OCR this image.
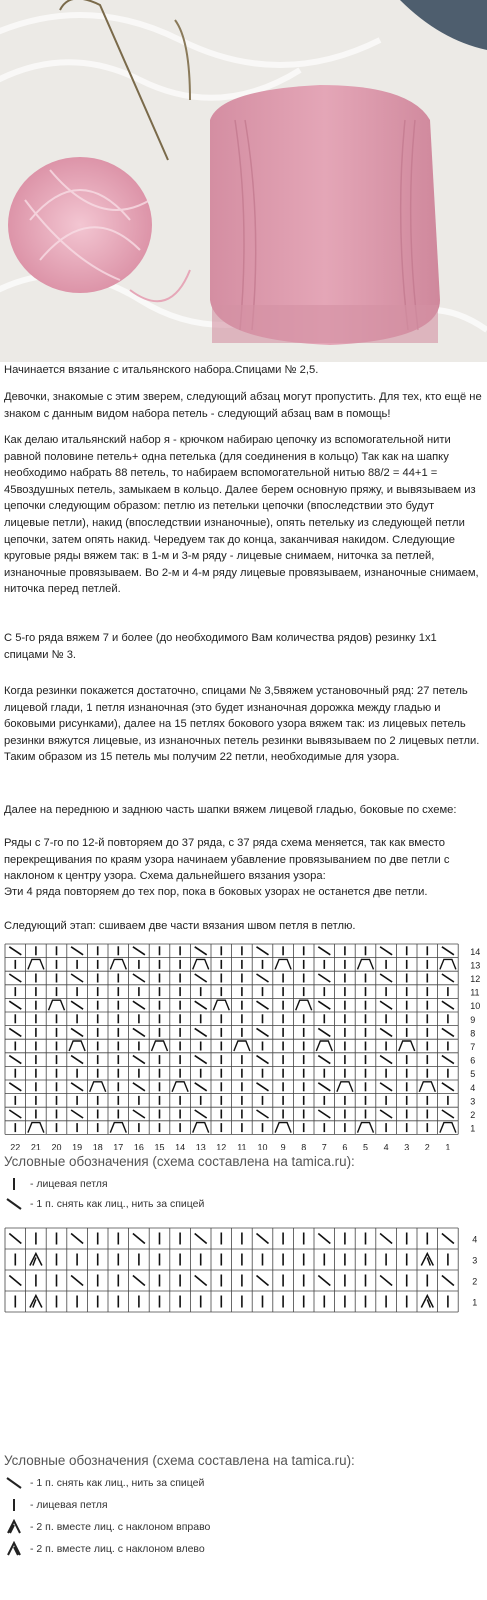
Начинается вязание с итальянского набора.Спицами № 2,5.

Девочки, знакомые с этим зверем, следующий абзац могут пропустить. Для тех, кто ещё не знаком с данным видом набора петель - следующий абзац вам в помощь!

Как делаю итальянский набор я - крючком набираю цепочку из вспомогательной нити равной половине петель+ одна петелька (для соединения в кольцо) Так как на шапку необходимо набрать 88 петель, то набираем вспомогательной нитью 88/2 = 44+1 = 45воздушных петель, замыкаем в кольцо. Далее берем основную пряжу, и вывязываем из цепочки следующим образом: петлю из петельки цепочки (впоследствии это будут лицевые петли), накид (впоследствии изнаночные), опять петельку из следующей петли цепочки, затем опять накид. Чередуем так до конца, заканчивая накидом. Следующие круговые ряды вяжем так: в 1-м и 3-м ряду - лицевые снимаем, ниточка за петлей, изнаночные провязываем. Во 2-м и 4-м ряду лицевые провязываем, изнаночные снимаем, ниточка перед петлей.

С 5-го ряда вяжем 7 и более (до необходимого Вам количества рядов) резинку 1х1 спицами № 3.

Когда резинки покажется достаточно, спицами № 3,5вяжем установочный ряд: 27 петель лицевой глади, 1 петля изнаночная (это будет изнаночная дорожка между гладью и боковыми рисунками), далее на 15 петлях бокового узора вяжем так: из лицевых петель резинки вяжутся лицевые, из изнаночных петель резинки вывязываем по 2 лицевых петли. Таким образом из 15 петель мы получим 22 петли, необходимые для узора.

Далее на переднюю и заднюю часть шапки вяжем лицевой гладью, боковые по схеме:

Ряды с 7-го по 12-й повторяем до 37 ряда, с 37 ряда схема меняется, так как вместо перекрещивания по краям узора начинаем убавление провязыванием по две петли с наклоном к центру узора. Схема дальнейшего вязания узора:

Эти 4 ряда повторяем до тех пор, пока в боковых узорах не останется две петли.

Следующий этап: сшиваем две части вязания швом петля в петлю.

1
2
3
4
5
6
7
8
9
10
11
12
13
14
22 21 20 19 18 17 16 15 14 13 12 11 10 9 8 7 6 5 4 3 2 1

Условные обозначения (схема составлена на tamica.ru):

- лицевая петля
- 1 п. снять как лиц., нить за спицей
1
2
3
4

Условные обозначения (схема составлена на tamica.ru):

- 1 п. снять как лиц., нить за спицей
- лицевая петля
- 2 п. вместе лиц. с наклоном вправо
- 2 п. вместе лиц. с наклоном влево
